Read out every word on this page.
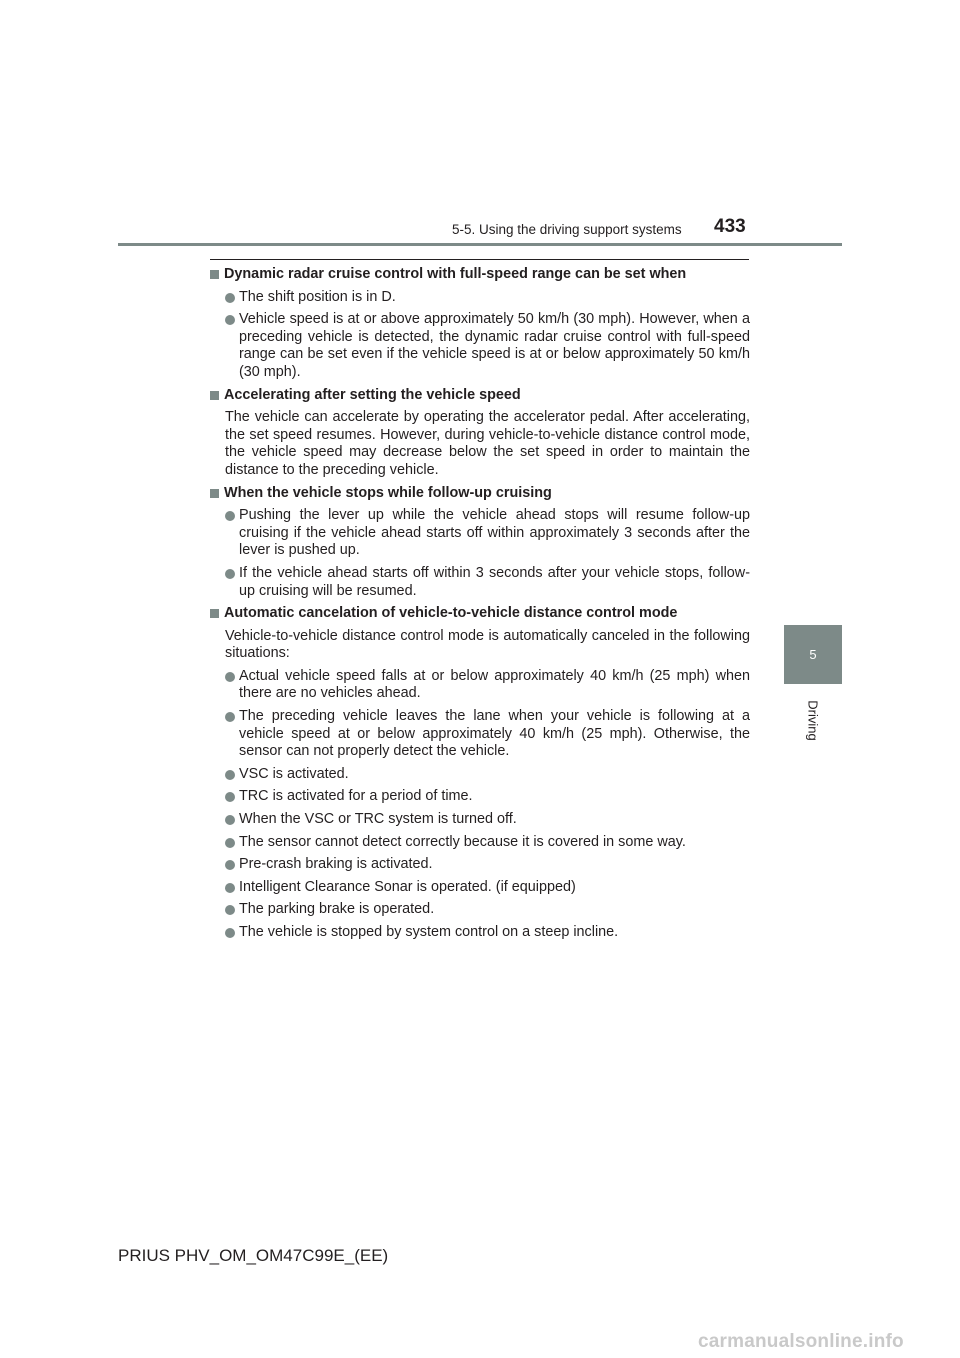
5-5. Using the driving support systems 433
Dynamic radar cruise control with full-speed range can be set when
The shift position is in D.
Vehicle speed is at or above approximately 50 km/h (30 mph). However, when a preceding vehicle is detected, the dynamic radar cruise control with full-speed range can be set even if the vehicle speed is at or below approximately 50 km/h (30 mph).
Accelerating after setting the vehicle speed
The vehicle can accelerate by operating the accelerator pedal. After accelerating, the set speed resumes. However, during vehicle-to-vehicle distance control mode, the vehicle speed may decrease below the set speed in order to maintain the distance to the preceding vehicle.
When the vehicle stops while follow-up cruising
Pushing the lever up while the vehicle ahead stops will resume follow-up cruising if the vehicle ahead starts off within approximately 3 seconds after the lever is pushed up.
If the vehicle ahead starts off within 3 seconds after your vehicle stops, follow-up cruising will be resumed.
Automatic cancelation of vehicle-to-vehicle distance control mode
Vehicle-to-vehicle distance control mode is automatically canceled in the following situations:
Actual vehicle speed falls at or below approximately 40 km/h (25 mph) when there are no vehicles ahead.
The preceding vehicle leaves the lane when your vehicle is following at a vehicle speed at or below approximately 40 km/h (25 mph). Otherwise, the sensor can not properly detect the vehicle.
VSC is activated.
TRC is activated for a period of time.
When the VSC or TRC system is turned off.
The sensor cannot detect correctly because it is covered in some way.
Pre-crash braking is activated.
Intelligent Clearance Sonar is operated. (if equipped)
The parking brake is operated.
The vehicle is stopped by system control on a steep incline.
5
Driving
PRIUS PHV_OM_OM47C99E_(EE)
carmanualsonline.info
